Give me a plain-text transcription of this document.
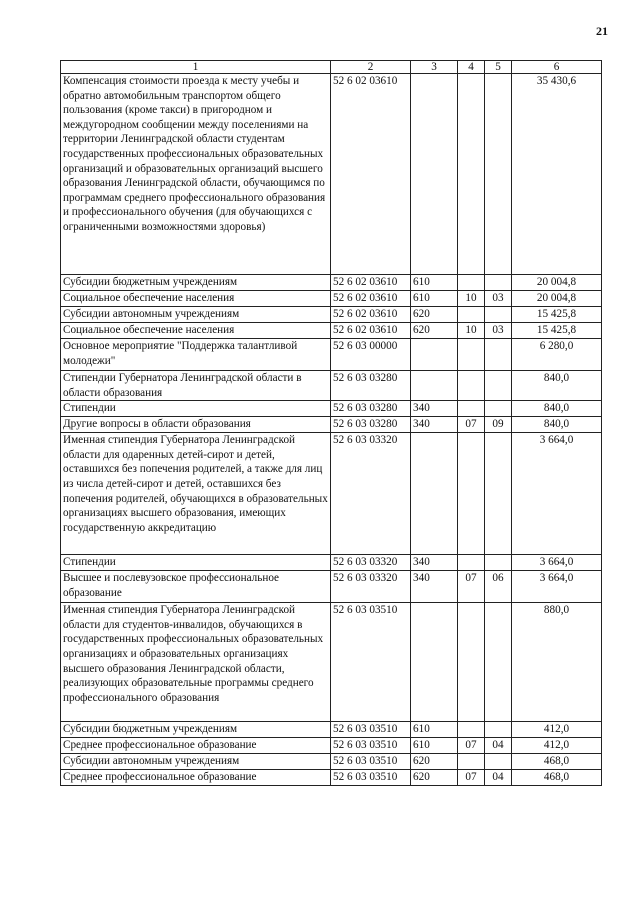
21
1	2	3	4	5	6
Компенсация стоимости проезда к месту учебы и обратно автомобильным транспортом общего пользования (кроме такси) в пригородном и междугородном сообщении между поселениями на территории Ленинградской области студентам государственных профессиональных образовательных организаций и образовательных организаций высшего образования Ленинградской области, обучающимся по программам среднего профессионального образования и профессионального обучения (для обучающихся с ограниченными возможностями здоровья)	52 6 02 03610				35 430,6
Субсидии бюджетным учреждениям	52 6 02 03610	610			20 004,8
Социальное обеспечение населения	52 6 02 03610	610	10	03	20 004,8
Субсидии автономным учреждениям	52 6 02 03610	620			15 425,8
Социальное обеспечение населения	52 6 02 03610	620	10	03	15 425,8
Основное мероприятие "Поддержка талантливой молодежи"	52 6 03 00000				6 280,0
Стипендии Губернатора Ленинградской области в области образования	52 6 03 03280				840,0
Стипендии	52 6 03 03280	340			840,0
Другие вопросы в области образования	52 6 03 03280	340	07	09	840,0
Именная стипендия Губернатора Ленинградской области для одаренных детей-сирот и детей, оставшихся без попечения родителей, а также для лиц из числа детей-сирот и детей, оставшихся без попечения родителей, обучающихся в образовательных организациях высшего образования, имеющих государственную аккредитацию	52 6 03 03320				3 664,0
Стипендии	52 6 03 03320	340			3 664,0
Высшее и послевузовское профессиональное образование	52 6 03 03320	340	07	06	3 664,0
Именная стипендия Губернатора Ленинградской области для студентов-инвалидов, обучающихся в государственных профессиональных образовательных организациях и образовательных организациях высшего образования Ленинградской области, реализующих образовательные программы среднего профессионального образования	52 6 03 03510				880,0
Субсидии бюджетным учреждениям	52 6 03 03510	610			412,0
Среднее профессиональное образование	52 6 03 03510	610	07	04	412,0
Субсидии автономным учреждениям	52 6 03 03510	620			468,0
Среднее профессиональное образование	52 6 03 03510	620	07	04	468,0
